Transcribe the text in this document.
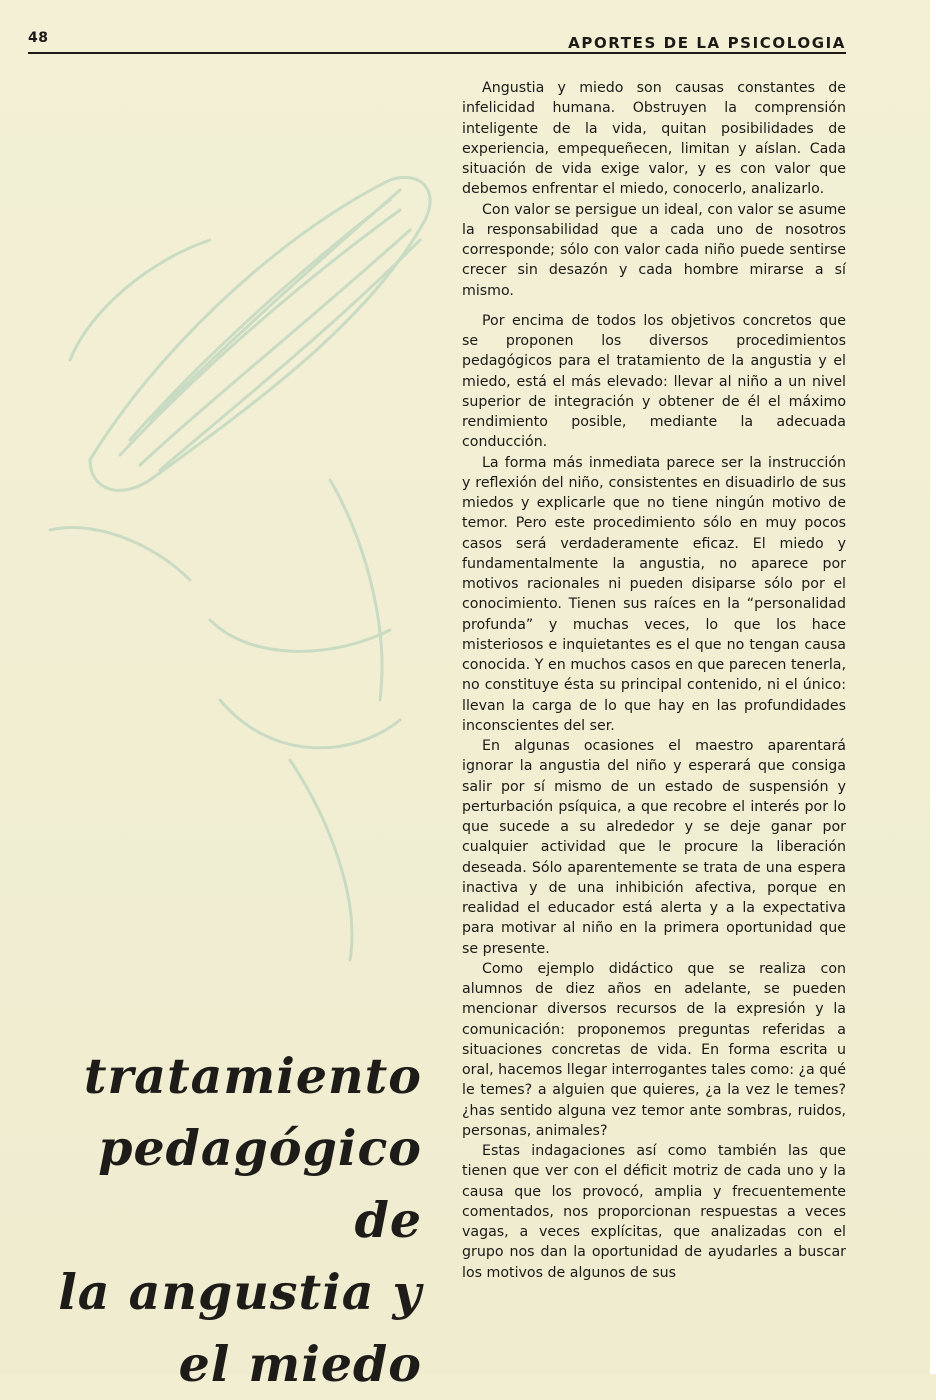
48	APORTES DE LA PSICOLOGIA

Angustia y miedo son causas constantes de infelicidad humana. Obstruyen la comprensión inteligente de la vida, quitan posibilidades de experiencia, empequeñecen, limitan y aíslan. Cada situación de vida exige valor, y es con valor que debemos enfrentar el miedo, conocerlo, analizarlo.

Con valor se persigue un ideal, con valor se asume la responsabilidad que a cada uno de nosotros corresponde; sólo con valor cada niño puede sentirse crecer sin desazón y cada hombre mirarse a sí mismo.

Por encima de todos los objetivos concretos que se proponen los diversos procedimientos pedagógicos para el tratamiento de la angustia y el miedo, está el más elevado: llevar al niño a un nivel superior de integración y obtener de él el máximo rendimiento posible, mediante la adecuada conducción.

La forma más inmediata parece ser la instrucción y reflexión del niño, consistentes en disuadirlo de sus miedos y explicarle que no tiene ningún motivo de temor. Pero este procedimiento sólo en muy pocos casos será verdaderamente eficaz. El miedo y fundamentalmente la angustia, no aparece por motivos racionales ni pueden disiparse sólo por el conocimiento. Tienen sus raíces en la “personalidad profunda” y muchas veces, lo que los hace misteriosos e inquietantes es el que no tengan causa conocida. Y en muchos casos en que parecen tenerla, no constituye ésta su principal contenido, ni el único: llevan la carga de lo que hay en las profundidades inconscientes del ser.

En algunas ocasiones el maestro aparentará ignorar la angustia del niño y esperará que consiga salir por sí mismo de un estado de suspensión y perturbación psíquica, a que recobre el interés por lo que sucede a su alrededor y se deje ganar por cualquier actividad que le procure la liberación deseada. Sólo aparentemente se trata de una espera inactiva y de una inhibición afectiva, porque en realidad el educador está alerta y a la expectativa para motivar al niño en la primera oportunidad que se presente.

Como ejemplo didáctico que se realiza con alumnos de diez años en adelante, se pueden mencionar diversos recursos de la expresión y la comunicación: proponemos preguntas referidas a situaciones concretas de vida. En forma escrita u oral, hacemos llegar interrogantes tales como: ¿a qué le temes? a alguien que quieres, ¿a la vez le temes? ¿has sentido alguna vez temor ante sombras, ruidos, personas, animales?

Estas indagaciones así como también las que tienen que ver con el déficit motriz de cada uno y la causa que los provocó, amplia y frecuentemente comentados, nos proporcionan respuestas a veces vagas, a veces explícitas, que analizadas con el grupo nos dan la oportunidad de ayudarles a buscar los motivos de algunos de sus

tratamiento
pedagógico de
la angustia y
el miedo
